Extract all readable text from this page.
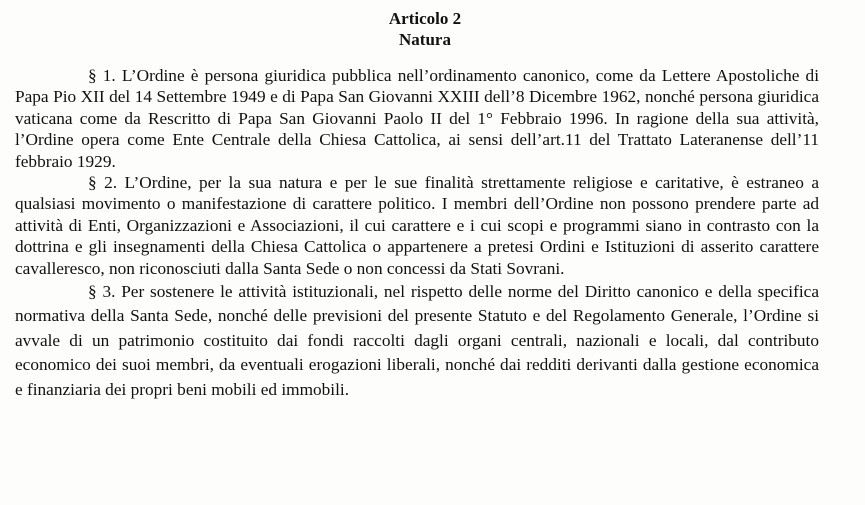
Articolo 2
Natura

§ 1. L’Ordine è persona giuridica pubblica nell’ordinamento canonico, come da Lettere Apostoliche di Papa Pio XII del 14 Settembre 1949 e di Papa San Giovanni XXIII dell’8 Dicembre 1962, nonché persona giuridica vaticana come da Rescritto di Papa San Giovanni Paolo II del 1° Febbraio 1996. In ragione della sua attività, l’Ordine opera come Ente Centrale della Chiesa Cattolica, ai sensi dell’art.11 del Trattato Lateranense dell’11 febbraio 1929.

§ 2. L’Ordine, per la sua natura e per le sue finalità strettamente religiose e caritative, è estraneo a qualsiasi movimento o manifestazione di carattere politico. I membri dell’Ordine non possono prendere parte ad attività di Enti, Organizzazioni e Associazioni, il cui carattere e i cui scopi e programmi siano in contrasto con la dottrina e gli insegnamenti della Chiesa Cattolica o appartenere a pretesi Ordini e Istituzioni di asserito carattere cavalleresco, non riconosciuti dalla Santa Sede o non concessi da Stati Sovrani.

§ 3. Per sostenere le attività istituzionali, nel rispetto delle norme del Diritto canonico e della specifica normativa della Santa Sede, nonché delle previsioni del presente Statuto e del Regolamento Generale, l’Ordine si avvale di un patrimonio costituito dai fondi raccolti dagli organi centrali, nazionali e locali, dal contributo economico dei suoi membri, da eventuali erogazioni liberali, nonché dai redditi derivanti dalla gestione economica e finanziaria dei propri beni mobili ed immobili.
